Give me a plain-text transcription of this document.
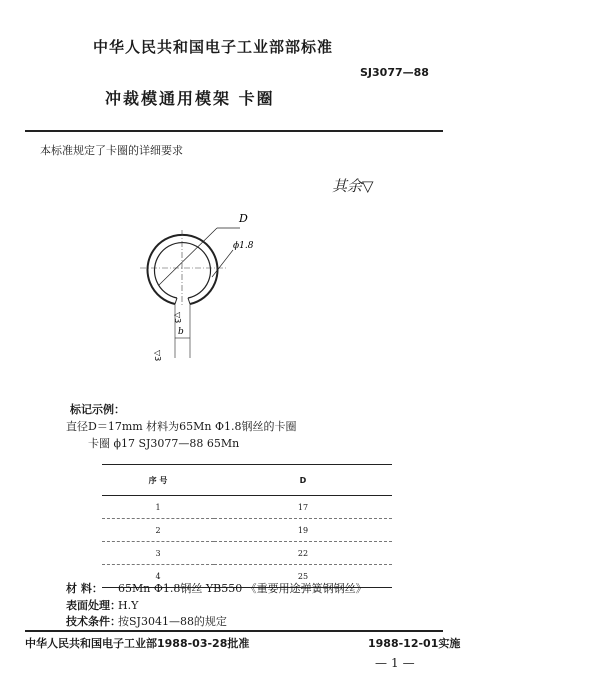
中华人民共和国电子工业部部标准
SJ3077—88
冲裁模通用模架 卡圈
本标准规定了卡圈的详细要求
其余▽
D
ϕ1.8
b
▽3
▽3
标记示例：
直径D＝17mm 材料为65Mn Φ1.8钢丝的卡圈
卡圈 ϕ17 SJ3077—88 65Mn
序 号	D
1	17
2	19
3	22
4	25
材 料： 65Mn Φ1.8钢丝 YB550 《重要用途弹簧钢钢丝》
表面处理：H.Y
技术条件：按SJ3041—88的规定
中华人民共和国电子工业部1988-03-28批准	1988-12-01实施
—1—
